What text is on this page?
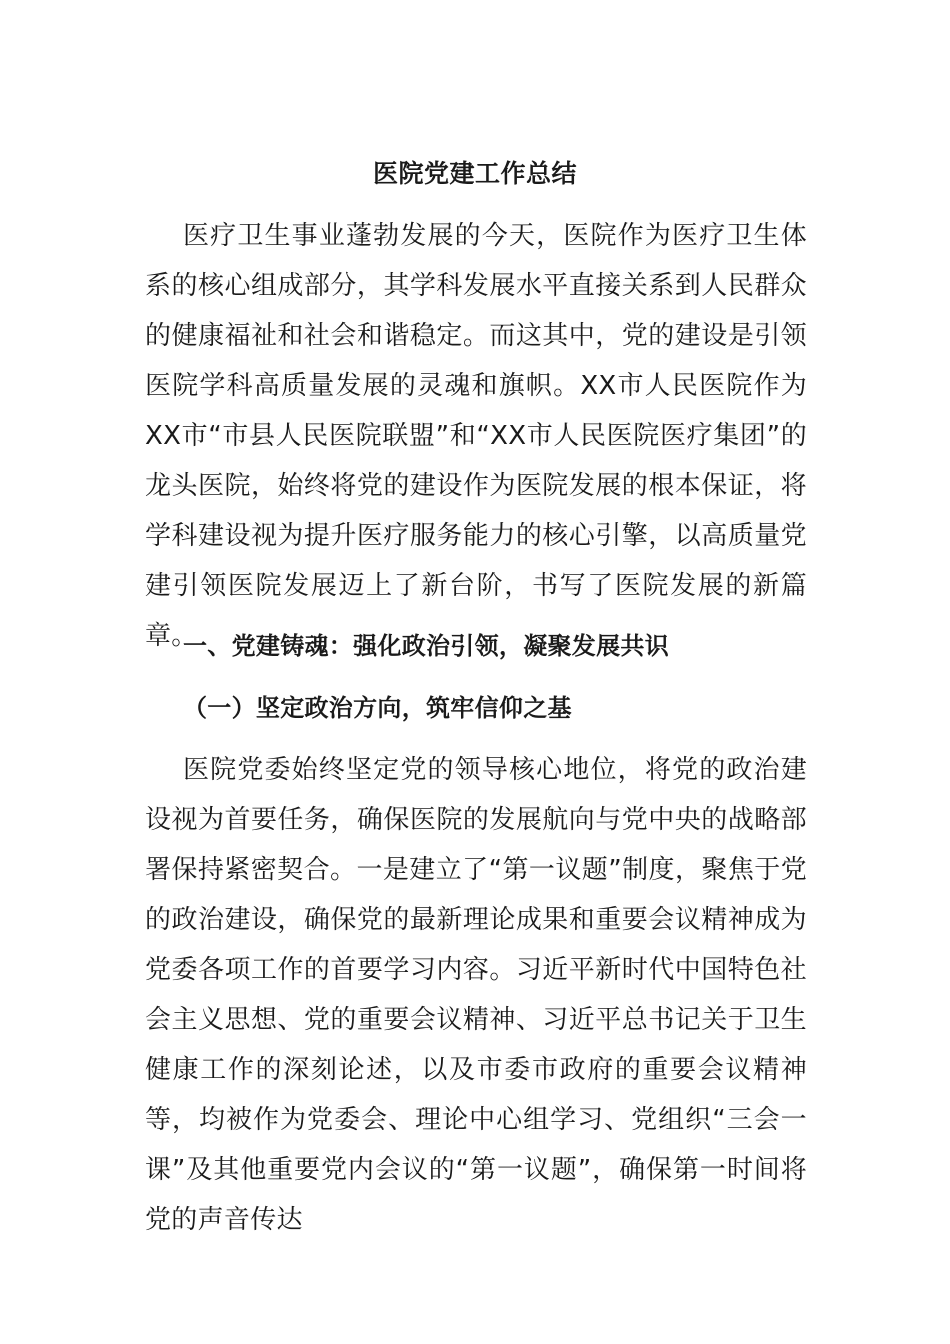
医院党建工作总结

医疗卫生事业蓬勃发展的今天，医院作为医疗卫生体系的核心组成部分，其学科发展水平直接关系到人民群众的健康福祉和社会和谐稳定。而这其中，党的建设是引领医院学科高质量发展的灵魂和旗帜。XX市人民医院作为XX市“市县人民医院联盟”和“XX市人民医院医疗集团”的龙头医院，始终将党的建设作为医院发展的根本保证，将学科建设视为提升医疗服务能力的核心引擎，以高质量党建引领医院发展迈上了新台阶，书写了医院发展的新篇章。

一、党建铸魂：强化政治引领，凝聚发展共识
（一）坚定政治方向，筑牢信仰之基

医院党委始终坚定党的领导核心地位，将党的政治建设视为首要任务，确保医院的发展航向与党中央的战略部署保持紧密契合。一是建立了“第一议题”制度，聚焦于党的政治建设，确保党的最新理论成果和重要会议精神成为党委各项工作的首要学习内容。习近平新时代中国特色社会主义思想、党的重要会议精神、习近平总书记关于卫生健康工作的深刻论述，以及市委市政府的重要会议精神等，均被作为党委会、理论中心组学习、党组织“三会一课”及其他重要党内会议的“第一议题”，确保第一时间将党的声音传达
